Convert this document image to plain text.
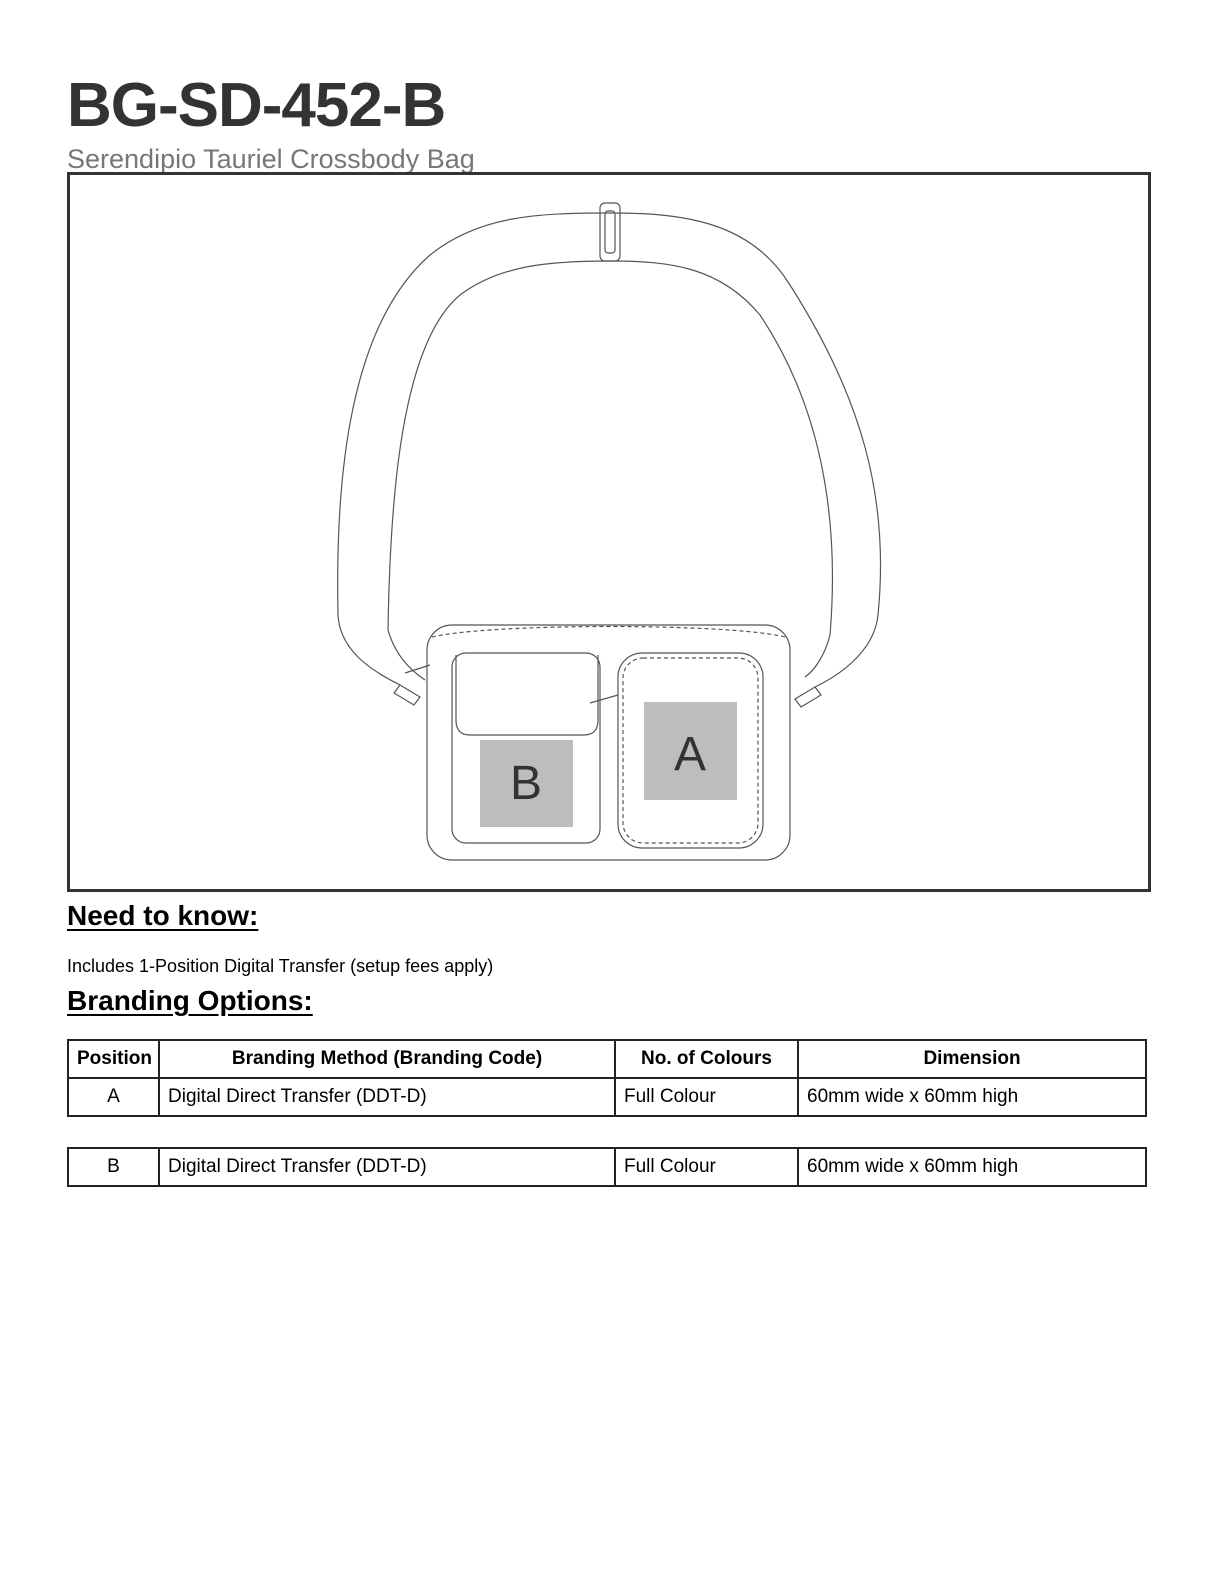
BG-SD-452-B
Serendipio Tauriel Crossbody Bag
B
A
Need to know:
Includes 1-Position Digital Transfer (setup fees apply)
Branding Options:
Position	Branding Method (Branding Code)	No. of Colours	Dimension
A	Digital Direct Transfer (DDT-D)	Full Colour	60mm wide x 60mm high
B	Digital Direct Transfer (DDT-D)	Full Colour	60mm wide x 60mm high
